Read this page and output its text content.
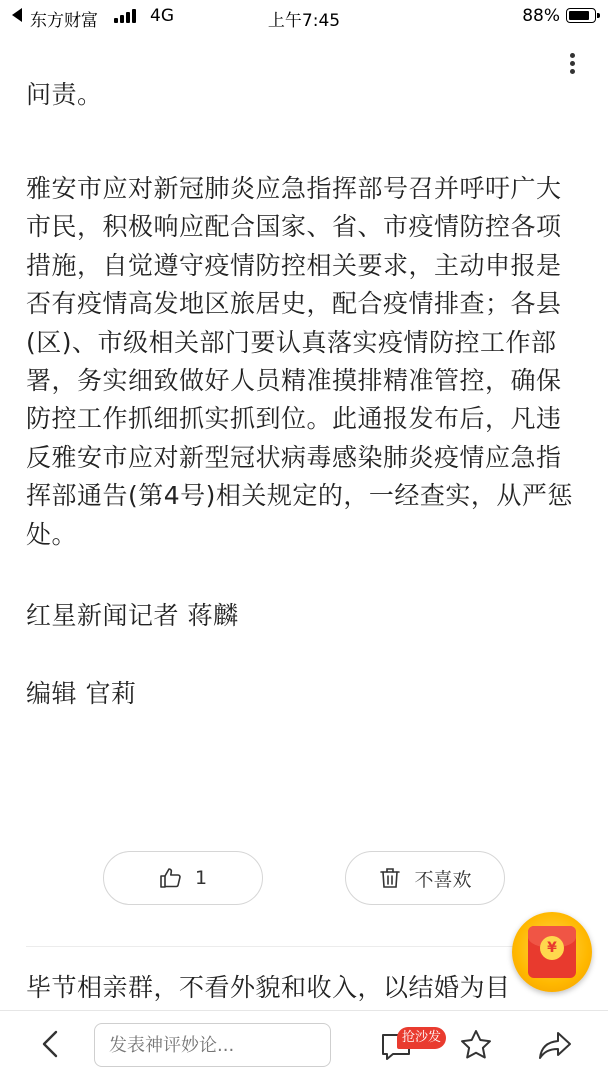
东方财富	4G	上午7:45	88%

问责。

雅安市应对新冠肺炎应急指挥部号召并呼吁广大市民，积极响应配合国家、省、市疫情防控各项措施，自觉遵守疫情防控相关要求，主动申报是否有疫情高发地区旅居史，配合疫情排查；各县(区)、市级相关部门要认真落实疫情防控工作部署，务实细致做好人员精准摸排精准管控，确保防控工作抓细抓实抓到位。此通报发布后，凡违反雅安市应对新型冠状病毒感染肺炎疫情应急指挥部通告(第4号)相关规定的，一经查实，从严惩处。

红星新闻记者 蒋麟

编辑 官莉

1	不喜欢
毕节相亲群，不看外貌和收入，以结婚为目
¥
发表神评妙论...
抢沙发
